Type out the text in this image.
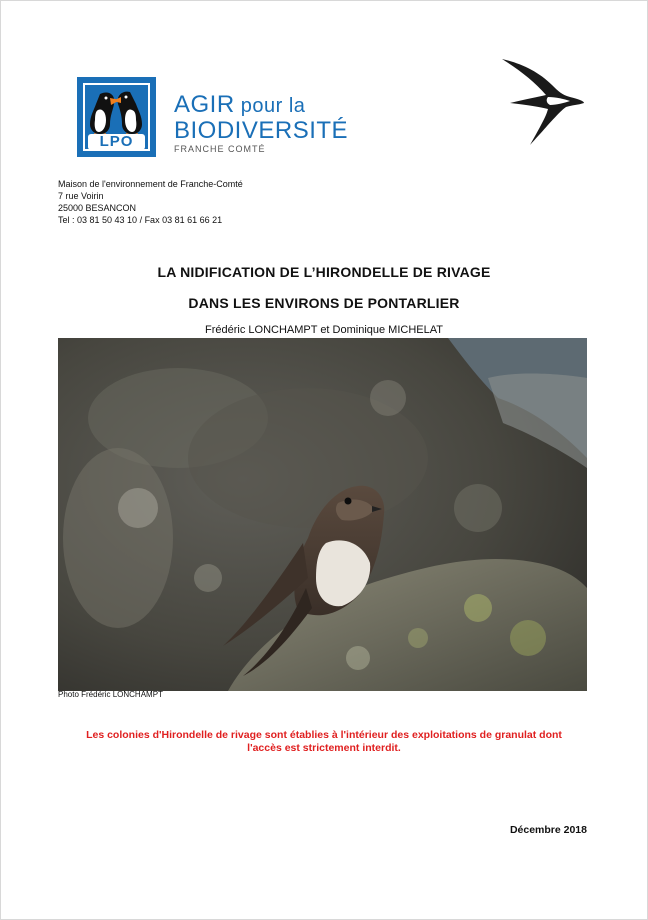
LPO
AGIR pour la
BIODIVERSITÉ
FRANCHE COMTÉ
Maison de l'environnement de Franche-Comté
7 rue Voirin
25000 BESANCON
Tel : 03 81 50 43 10 / Fax 03 81 61 66 21
LA NIDIFICATION DE L’HIRONDELLE DE RIVAGE
DANS LES ENVIRONS DE PONTARLIER
Frédéric LONCHAMPT et Dominique MICHELAT
Photo Frédéric LONCHAMPT
Les colonies d'Hirondelle de rivage sont établies à l'intérieur des exploitations de granulat dont
l'accès est strictement interdit.
Décembre 2018
